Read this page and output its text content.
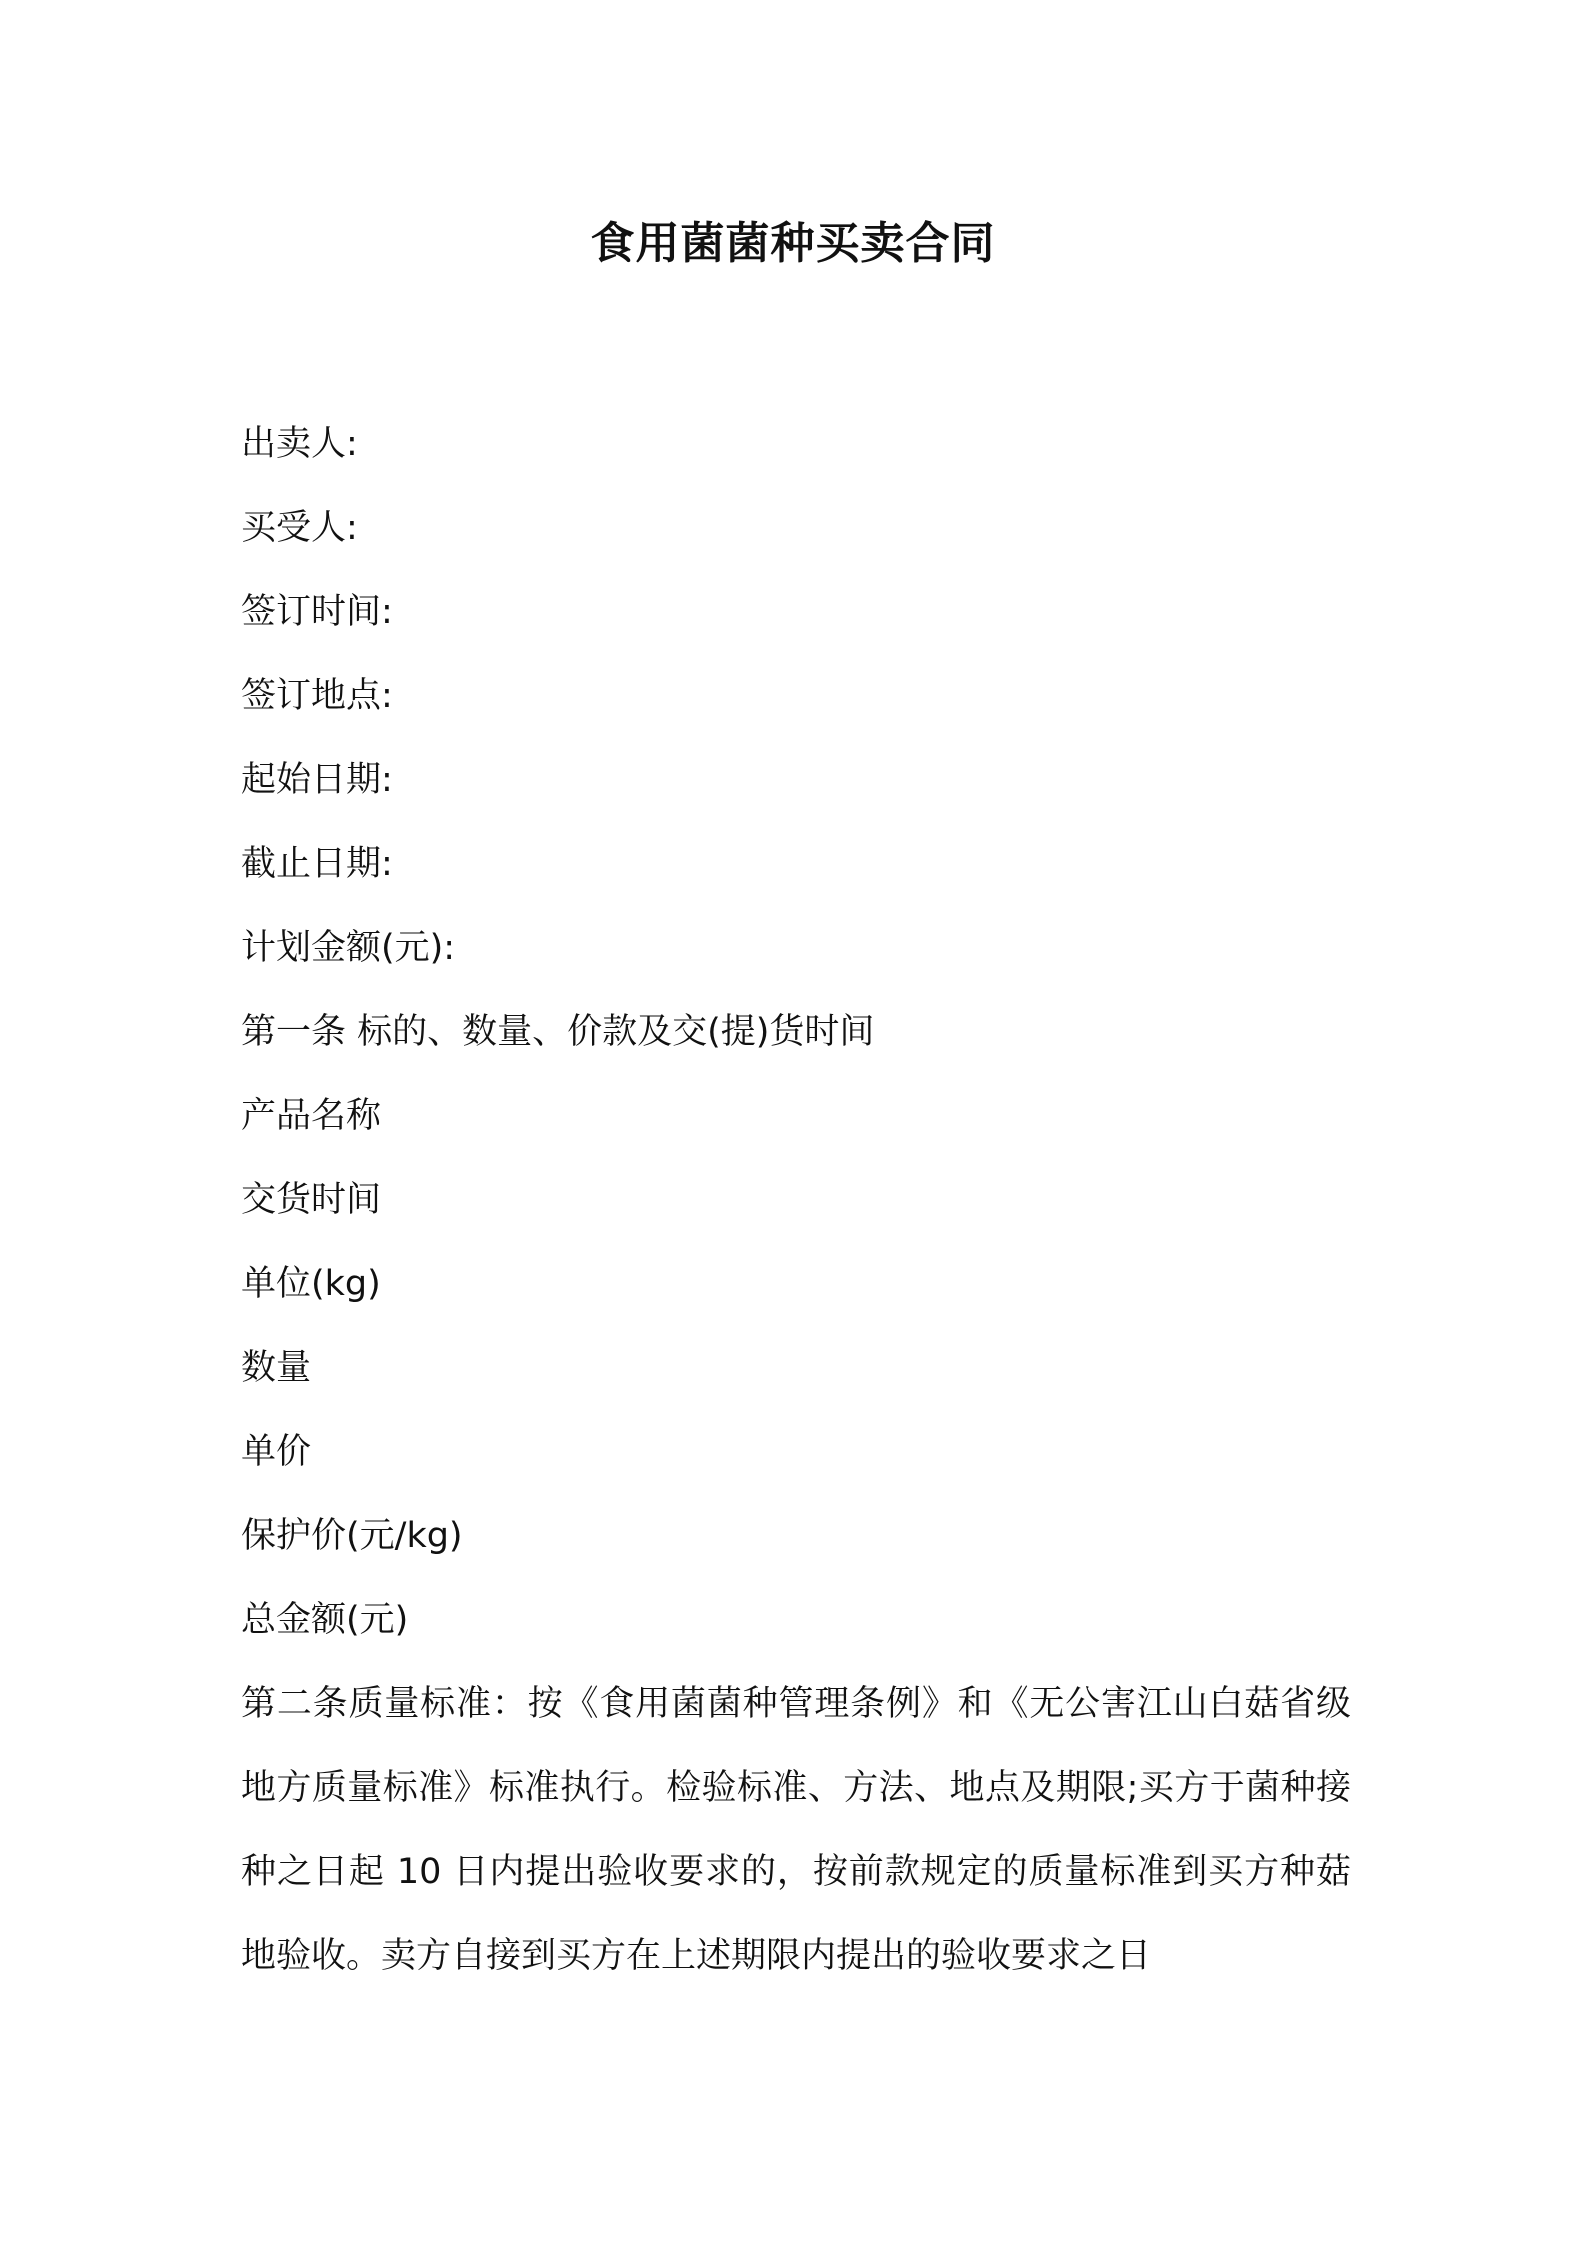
食用菌菌种买卖合同

出卖人:

买受人:

签订时间:

签订地点:

起始日期:

截止日期:

计划金额(元):

第一条 标的、数量、价款及交(提)货时间

产品名称

交货时间

单位(kg)

数量

单价

保护价(元/kg)

总金额(元)

第二条质量标准：按《食用菌菌种管理条例》和《无公害江山白菇省级地方质量标准》标准执行。检验标准、方法、地点及期限;买方于菌种接种之日起 10 日内提出验收要求的，按前款规定的质量标准到买方种菇地验收。卖方自接到买方在上述期限内提出的验收要求之日
